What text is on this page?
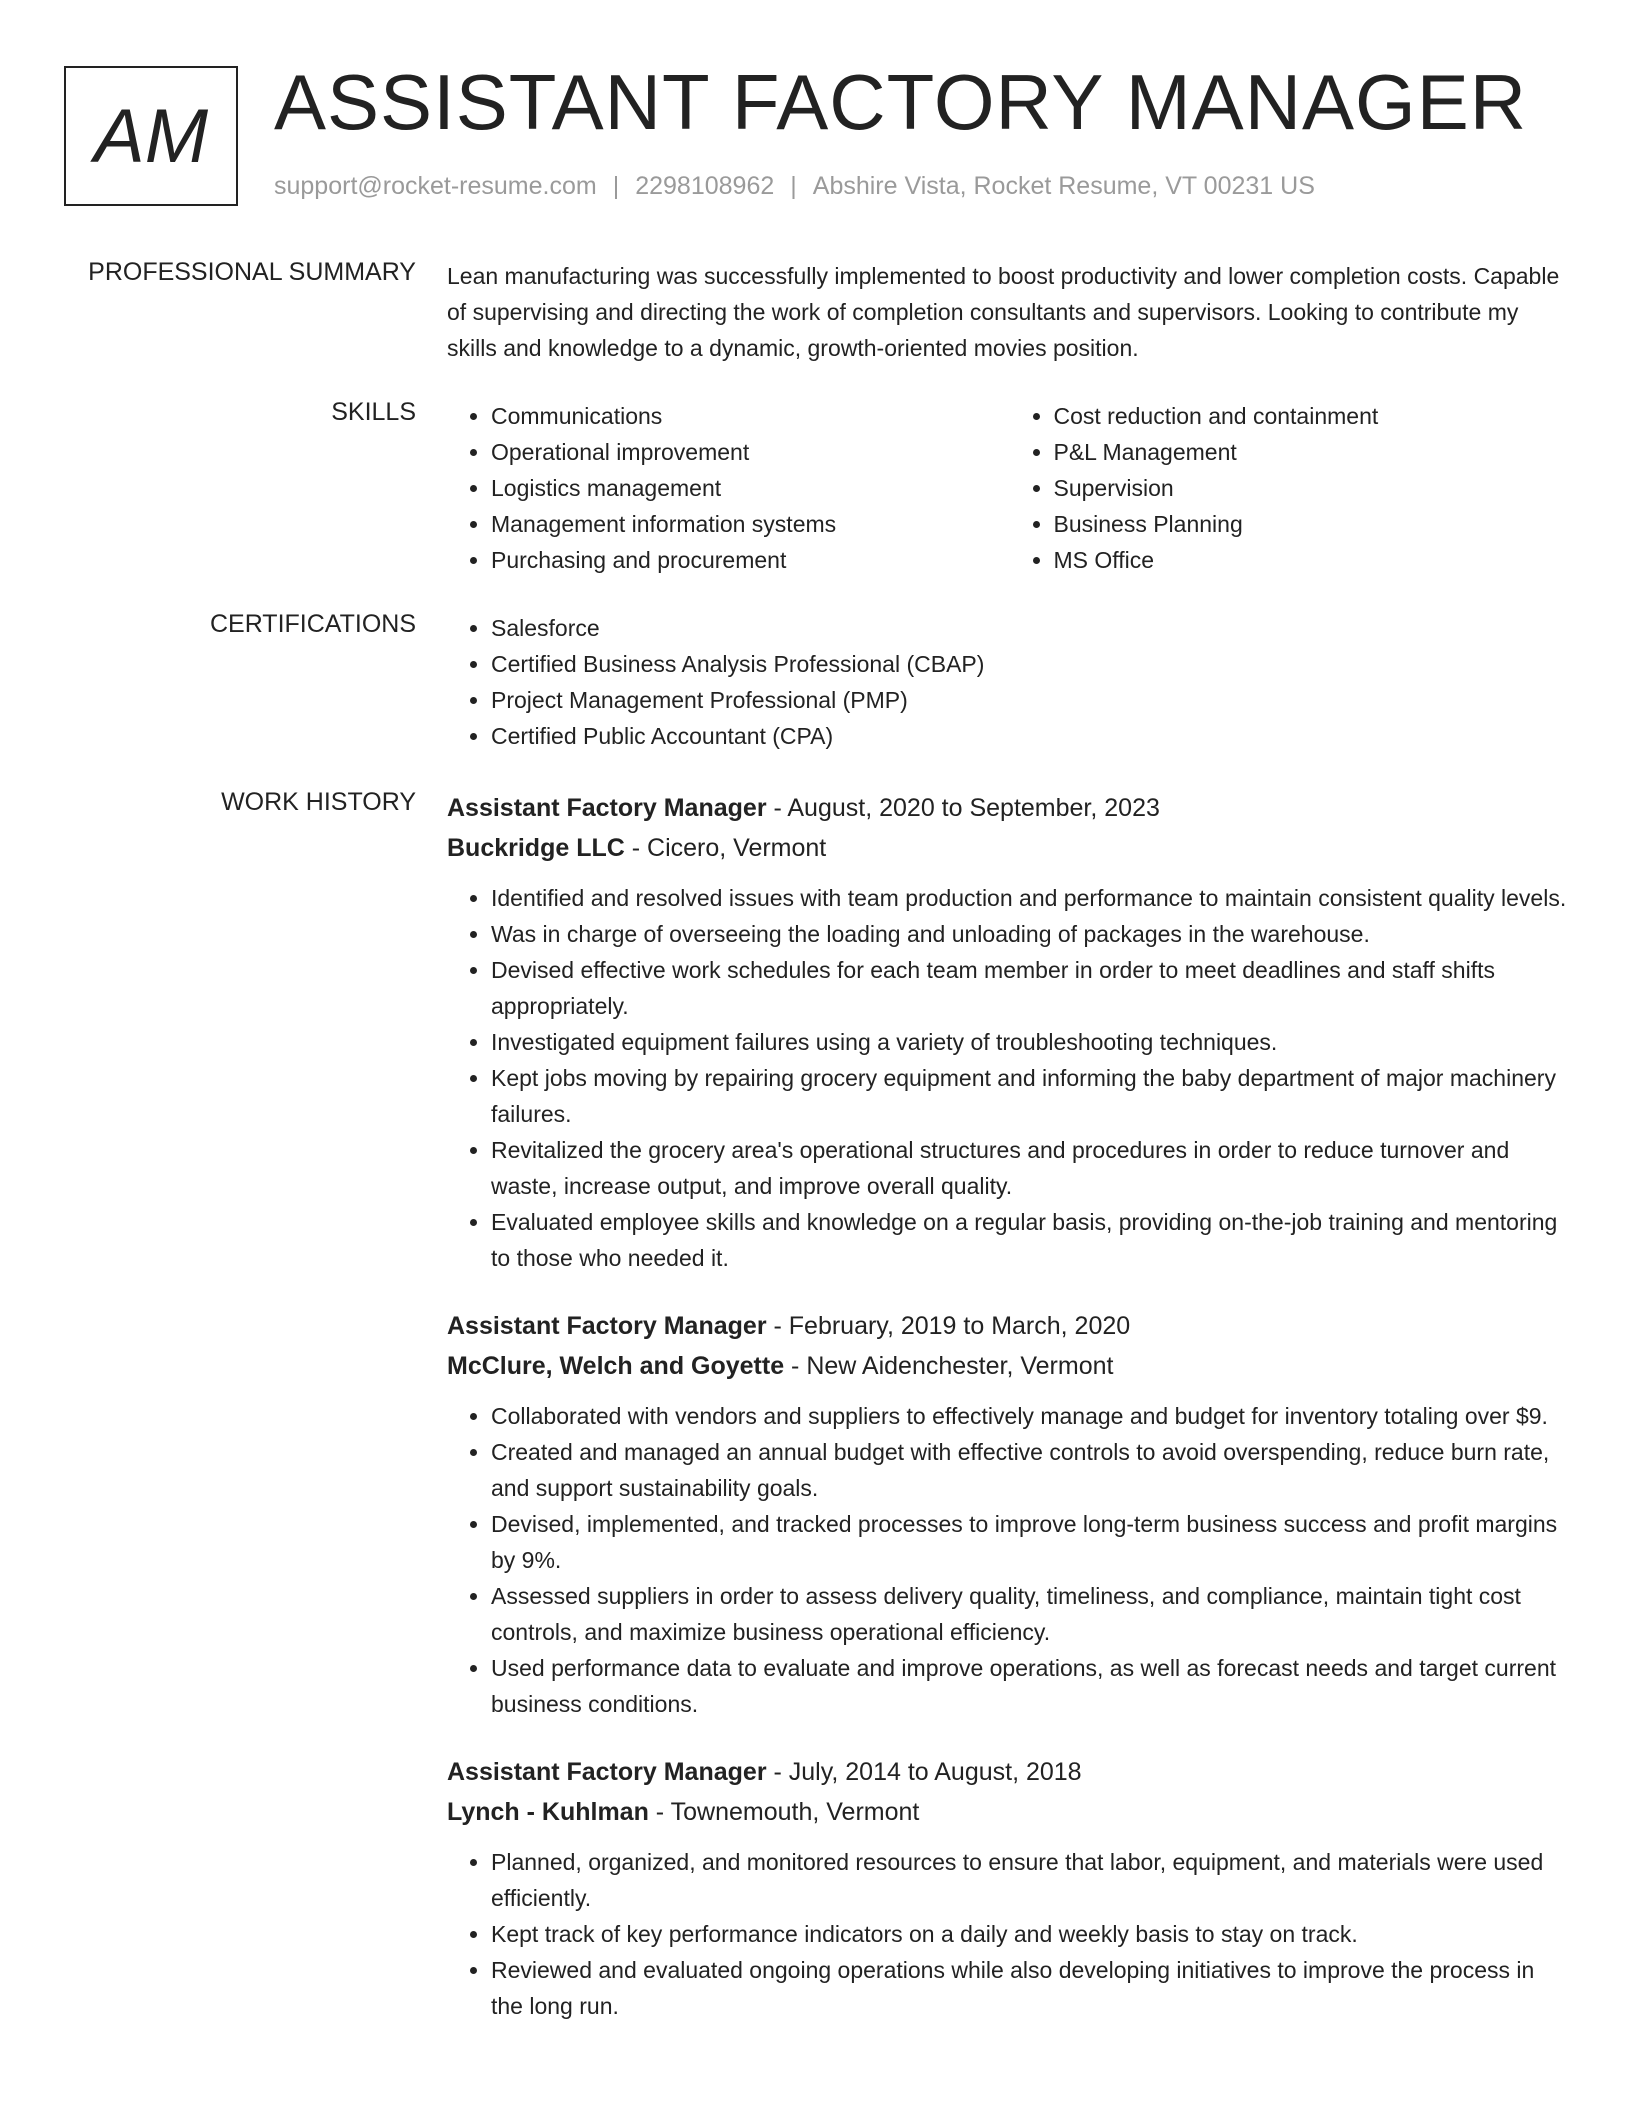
AM ASSISTANT FACTORY MANAGER
support@rocket-resume.com | 2298108962 | Abshire Vista, Rocket Resume, VT 00231 US
PROFESSIONAL SUMMARY Lean manufacturing was successfully implemented to boost productivity and lower completion costs. Capable of supervising and directing the work of completion consultants and supervisors. Looking to contribute my skills and knowledge to a dynamic, growth-oriented movies position.
SKILLS	• Communications
• Operational improvement
• Logistics management
• Management information systems
• Purchasing and procurement
• Cost reduction and containment
• P&L Management
• Supervision
• Business Planning
• MS Office
CERTIFICATIONS	• Salesforce
• Certified Business Analysis Professional (CBAP)
• Project Management Professional (PMP)
• Certified Public Accountant (CPA)
WORK HISTORY Assistant Factory Manager - August, 2020 to September, 2023
Buckridge LLC - Cicero, Vermont
• Identified and resolved issues with team production and performance to maintain consistent quality levels.
• Was in charge of overseeing the loading and unloading of packages in the warehouse.
• Devised effective work schedules for each team member in order to meet deadlines and staff shifts appropriately.
• Investigated equipment failures using a variety of troubleshooting techniques.
• Kept jobs moving by repairing grocery equipment and informing the baby department of major machinery failures.
• Revitalized the grocery area's operational structures and procedures in order to reduce turnover and waste, increase output, and improve overall quality.
• Evaluated employee skills and knowledge on a regular basis, providing on-the-job training and mentoring to those who needed it.
Assistant Factory Manager - February, 2019 to March, 2020
McClure, Welch and Goyette - New Aidenchester, Vermont
• Collaborated with vendors and suppliers to effectively manage and budget for inventory totaling over $9.
• Created and managed an annual budget with effective controls to avoid overspending, reduce burn rate, and support sustainability goals.
• Devised, implemented, and tracked processes to improve long-term business success and profit margins by 9%.
• Assessed suppliers in order to assess delivery quality, timeliness, and compliance, maintain tight cost controls, and maximize business operational efficiency.
• Used performance data to evaluate and improve operations, as well as forecast needs and target current business conditions.
Assistant Factory Manager - July, 2014 to August, 2018
Lynch - Kuhlman - Townemouth, Vermont
• Planned, organized, and monitored resources to ensure that labor, equipment, and materials were used efficiently.
• Kept track of key performance indicators on a daily and weekly basis to stay on track.
• Reviewed and evaluated ongoing operations while also developing initiatives to improve the process in the long run.
